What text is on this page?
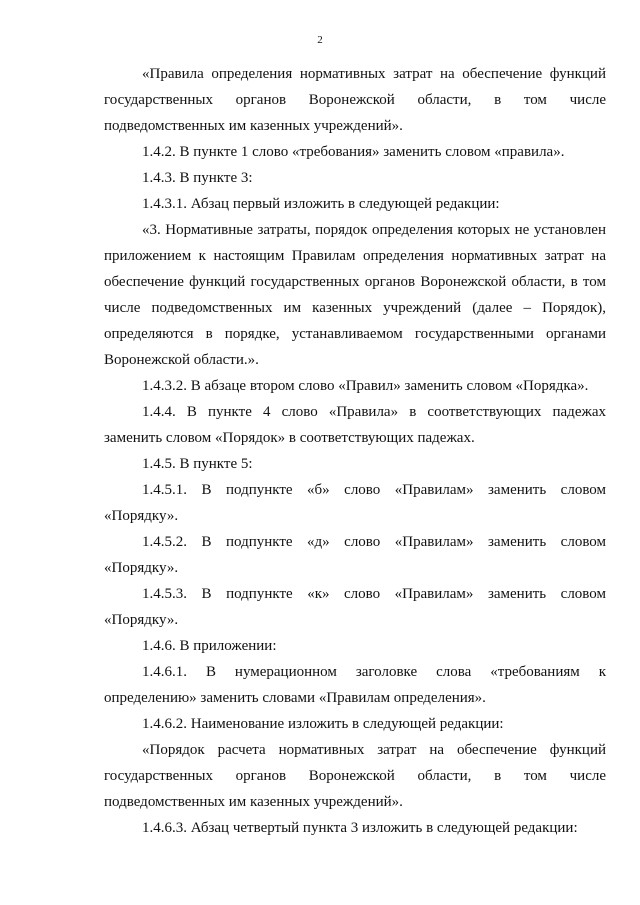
2

«Правила определения нормативных затрат на обеспечение функций государственных органов Воронежской области, в том числе подведомственных им казенных учреждений».

1.4.2. В пункте 1 слово «требования» заменить словом «правила».

1.4.3. В пункте 3:

1.4.3.1. Абзац первый изложить в следующей редакции:

«3. Нормативные затраты, порядок определения которых не установлен приложением к настоящим Правилам определения нормативных затрат на обеспечение функций государственных органов Воронежской области, в том числе подведомственных им казенных учреждений (далее – Порядок), определяются в порядке, устанавливаемом государственными органами Воронежской области.».

1.4.3.2. В абзаце втором слово «Правил» заменить словом «Порядка».

1.4.4. В пункте 4 слово «Правила» в соответствующих падежах заменить словом «Порядок» в соответствующих падежах.

1.4.5. В пункте 5:

1.4.5.1. В подпункте «б» слово «Правилам» заменить словом «Порядку».

1.4.5.2. В подпункте «д» слово «Правилам» заменить словом «Порядку».

1.4.5.3. В подпункте «к» слово «Правилам» заменить словом «Порядку».

1.4.6. В приложении:

1.4.6.1. В нумерационном заголовке слова «требованиям к определению» заменить словами «Правилам определения».

1.4.6.2. Наименование изложить в следующей редакции:

«Порядок расчета нормативных затрат на обеспечение функций государственных органов Воронежской области, в том числе подведомственных им казенных учреждений».

1.4.6.3. Абзац четвертый пункта 3 изложить в следующей редакции:
